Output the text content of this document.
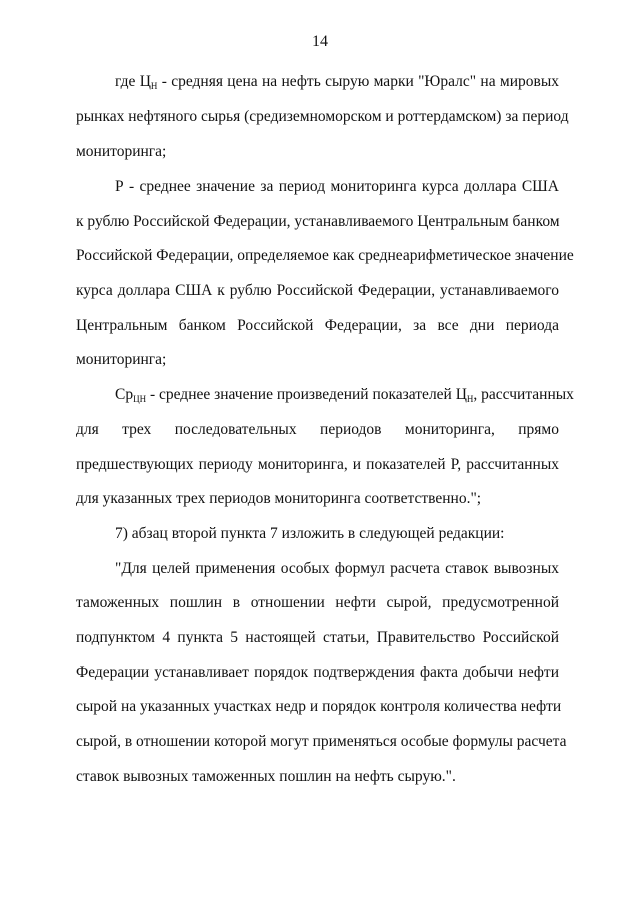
14
где $Ц_Н$ - средняя цена на нефть сырую марки "Юралс" на мировых
рынках нефтяного сырья (средиземноморском и роттердамском) за период
мониторинга;
Р - среднее значение за период мониторинга курса доллара США
к рублю Российской Федерации, устанавливаемого Центральным банком
Российской Федерации, определяемое как среднеарифметическое значение
курса доллара США к рублю Российской Федерации, устанавливаемого
Центральным банком Российской Федерации, за все дни периода
мониторинга;
$Ср_{ЦН}$ - среднее значение произведений показателей $Ц_Н$, рассчитанных
для трех последовательных периодов мониторинга, прямо
предшествующих периоду мониторинга, и показателей Р, рассчитанных
для указанных трех периодов мониторинга соответственно.";
7) абзац второй пункта 7 изложить в следующей редакции:
"Для целей применения особых формул расчета ставок вывозных
таможенных пошлин в отношении нефти сырой, предусмотренной
подпунктом 4 пункта 5 настоящей статьи, Правительство Российской
Федерации устанавливает порядок подтверждения факта добычи нефти
сырой на указанных участках недр и порядок контроля количества нефти
сырой, в отношении которой могут применяться особые формулы расчета
ставок вывозных таможенных пошлин на нефть сырую.".
